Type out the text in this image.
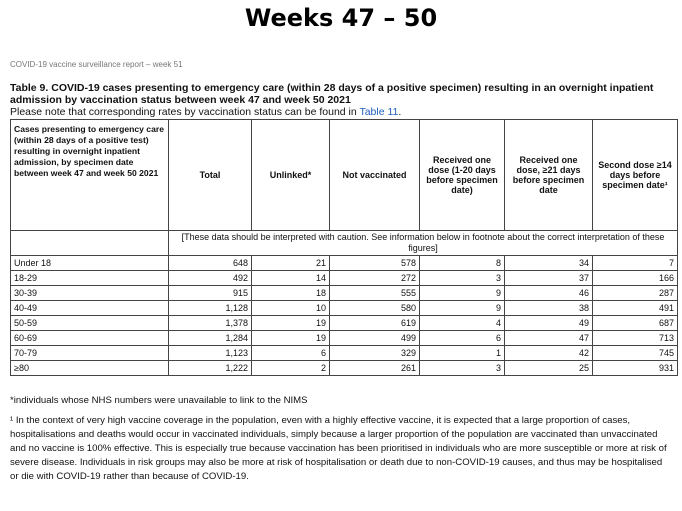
Weeks 47 – 50
COVID-19 vaccine surveillance report – week 51
Table 9. COVID-19 cases presenting to emergency care (within 28 days of a positive specimen) resulting in an overnight inpatient admission by vaccination status between week 47 and week 50 2021
Please note that corresponding rates by vaccination status can be found in Table 11.
Cases presenting to emergency care (within 28 days of a positive test) resulting in overnight inpatient admission, by specimen date between week 47 and week 50 2021	Total	Unlinked*	Not vaccinated	Received one dose (1-20 days before specimen date)	Received one dose, ≥21 days before specimen date	Second dose ≥14 days before specimen date¹
	[These data should be interpreted with caution. See information below in footnote about the correct interpretation of these figures]					
Under 18	648	21	578	8	34	7
18-29	492	14	272	3	37	166
30-39	915	18	555	9	46	287
40-49	1,128	10	580	9	38	491
50-59	1,378	19	619	4	49	687
60-69	1,284	19	499	6	47	713
70-79	1,123	6	329	1	42	745
≥80	1,222	2	261	3	25	931
*individuals whose NHS numbers were unavailable to link to the NIMS
¹ In the context of very high vaccine coverage in the population, even with a highly effective vaccine, it is expected that a large proportion of cases, hospitalisations and deaths would occur in vaccinated individuals, simply because a larger proportion of the population are vaccinated than unvaccinated and no vaccine is 100% effective. This is especially true because vaccination has been prioritised in individuals who are more susceptible or more at risk of severe disease. Individuals in risk groups may also be more at risk of hospitalisation or death due to non-COVID-19 causes, and thus may be hospitalised or die with COVID-19 rather than because of COVID-19.
